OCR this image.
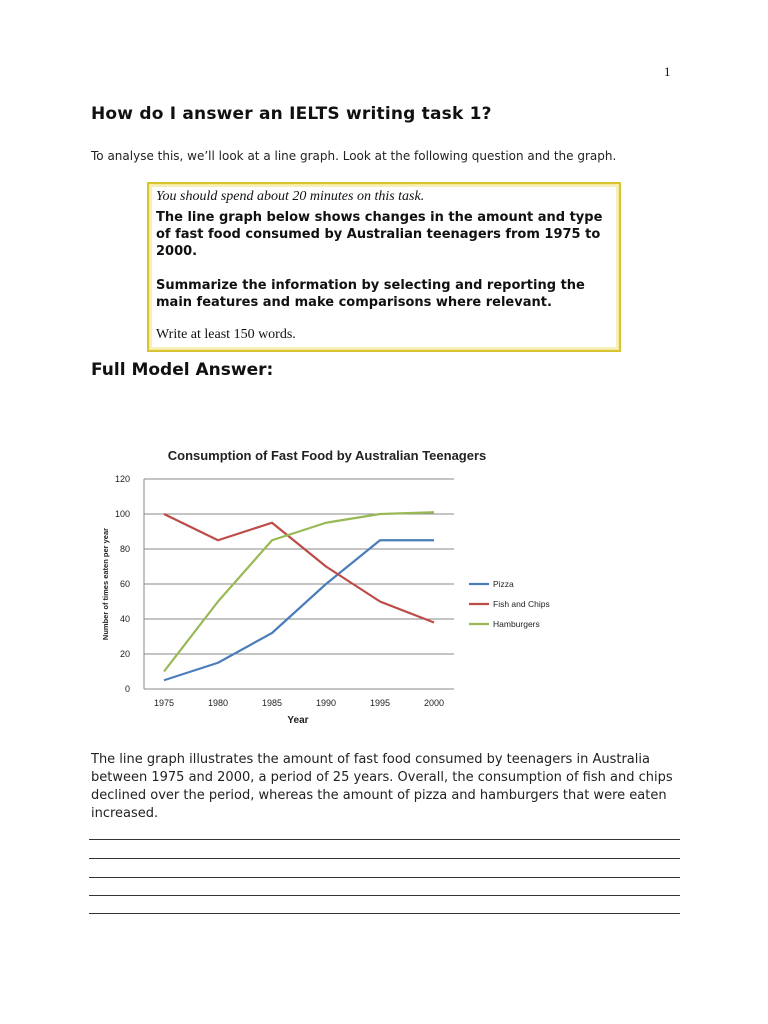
1
How do I answer an IELTS writing task 1?
To analyse this, we’ll look at a line graph. Look at the following question and the graph.
You should spend about 20 minutes on this task.
The line graph below shows changes in the amount and type of fast food consumed by Australian teenagers from 1975 to 2000.
Summarize the information by selecting and reporting the main features and make comparisons where relevant.
Write at least 150 words.
Full Model Answer:
Consumption of Fast Food by Australian Teenagers
0
20
40
60
80
100
120
1975	1980	1985	1990	1995	2000
Number of times eaten per year
Year
Pizza
Fish and Chips
Hamburgers
The line graph illustrates the amount of fast food consumed by teenagers in Australia between 1975 and 2000, a period of 25 years. Overall, the consumption of fish and chips declined over the period, whereas the amount of pizza and hamburgers that were eaten increased.
